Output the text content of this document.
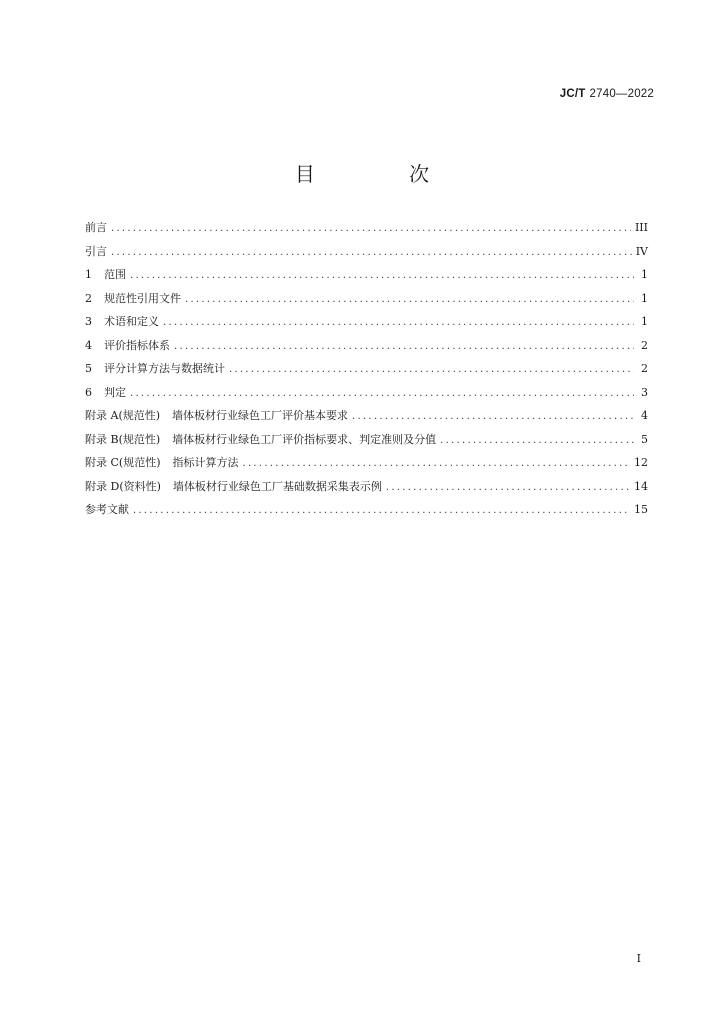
JC/T 2740—2022
目 次
前言 . . .	III
引言 . . .	IV
1	范围 . . .	1
2	规范性引用文件 . . .	1
3	术语和定义 . . .	1
4	评价指标体系 . . .	2
5	评分计算方法与数据统计 . . .	2
6	判定 . . .	3
附录 A(规范性) 墙体板材行业绿色工厂评价基本要求 . . .	4
附录 B(规范性) 墙体板材行业绿色工厂评价指标要求、判定准则及分值 . . .	5
附录 C(规范性) 指标计算方法 . . .	12
附录 D(资料性) 墙体板材行业绿色工厂基础数据采集表示例 . . .	14
参考文献 . . .	15
I
